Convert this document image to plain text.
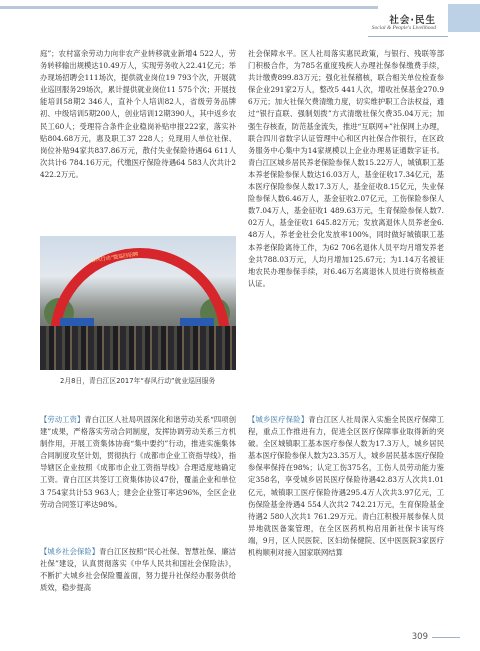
社会·民生
Social & People's Livelihood

庭”；农村富余劳动力向非农产业转移就业新增4 522人，劳务转移输出规模达10.49万人，实现劳务收入22.41亿元；举办现场招聘会111场次，提供就业岗位19 793个次，开展就业巡回服务29场次，累计提供就业岗位11 575个次；开展技能培训58期2 346人，直补个人培训82人，省级劳务品牌初、中级培训5期200人，创业培训12期390人，其中返乡农民工60人；受理符合条件企业稳岗补贴申报222家，落实补贴804.68万元，惠及职工37 228人；兑现用人单位社保、岗位补贴94家共837.86万元，散付失业保险待遇64 611人次共计6 784.16万元，代缴医疗保险待遇64 583人次共计2 422.2万元。

“春风行动”暨巡回招聘
2月8日，青白江区2017年“春风行动”就业巡回服务

【劳动工资】青白江区人社局巩固深化和谐劳动关系“四项创建”成果，严格落实劳动合同制度，发挥协调劳动关系三方机制作用，开展工资集体协商“集中要约”行动，推进实施集体合同制度攻坚计划，贯彻执行《成都市企业工资指导线》，指导辖区企业按照《成都市企业工资指导线》合理适度地确定工资。青白江区共签订工资集体协议47份，覆盖企业和单位3 754家共计53 963人；建会企业签订率达96%，全区企业劳动合同签订率达98%。

【城乡社会保险】青白江区按照“民心社保、智慧社保、廉洁社保”建设，认真贯彻落实《中华人民共和国社会保险法》，不断扩大城乡社会保险覆盖面，努力提升社保经办服务供给质效，稳步提高

社会保障水平。区人社局落实惠民政策，与银行、残联等部门积极合作，为785名重度残疾人办理社保参保缴费手续，共计缴费899.83万元；强化社保稽核，联合相关单位检查参保企业291家2万人，整改5 441人次，增收社保基金270.96万元；加大社保欠费清缴力度，切实维护职工合法权益，通过“银行直联、强制划拨”方式清缴社保欠费35.04万元；加强生存核查，防范基金流失，推进“互联网+”社保网上办理，联合四川省数字认证管理中心和区内社保合作银行，在区政务服务中心集中为14家规模以上企业办理易证通数字证书。青白江区城乡居民养老保险参保人数15.22万人，城镇职工基本养老保险参保人数达16.03万人，基金征收17.34亿元，基本医疗保险参保人数17.3万人，基金征收8.15亿元，失业保险参保人数6.46万人，基金征收2.07亿元，工伤保险参保人数7.04万人，基金征收1 489.63万元，生育保险参保人数7.02万人，基金征收1 645.82万元；发放离退休人员养老金6.48万人，养老金社会化发放率100%，同时做好城镇职工基本养老保险离待工作，为62 706名退休人员平均月增发养老金共788.03万元，人均月增加125.67元；为1.14万名被征地农民办理参保手续，对6.46万名离退休人员进行资格核查认证。

【城乡医疗保险】青白江区人社局深入实施全民医疗保障工程，重点工作推进有力，促进全区医疗保障事业取得新的突破。全区城镇职工基本医疗参保人数为17.3万人，城乡居民基本医疗保险参保人数为23.35万人，城乡居民基本医疗保险参保率保持在98%；认定工伤375名，工伤人员劳动能力鉴定358名，享受城乡居民医疗保险待遇42.83万人次共1.01亿元，城镇职工医疗保险待遇295.4万人次共3.97亿元，工伤保险基金待遇4 554人次共2 742.21万元，生育保险基金待遇2 580人次共1 761.29万元。青白江积极开展参保人员异地就医备案管理，在全区医药机构启用新社保卡读写终端，9月，区人民医院、区妇幼保健院、区中医医院3家医疗机构顺利对接入国家联网结算

309
